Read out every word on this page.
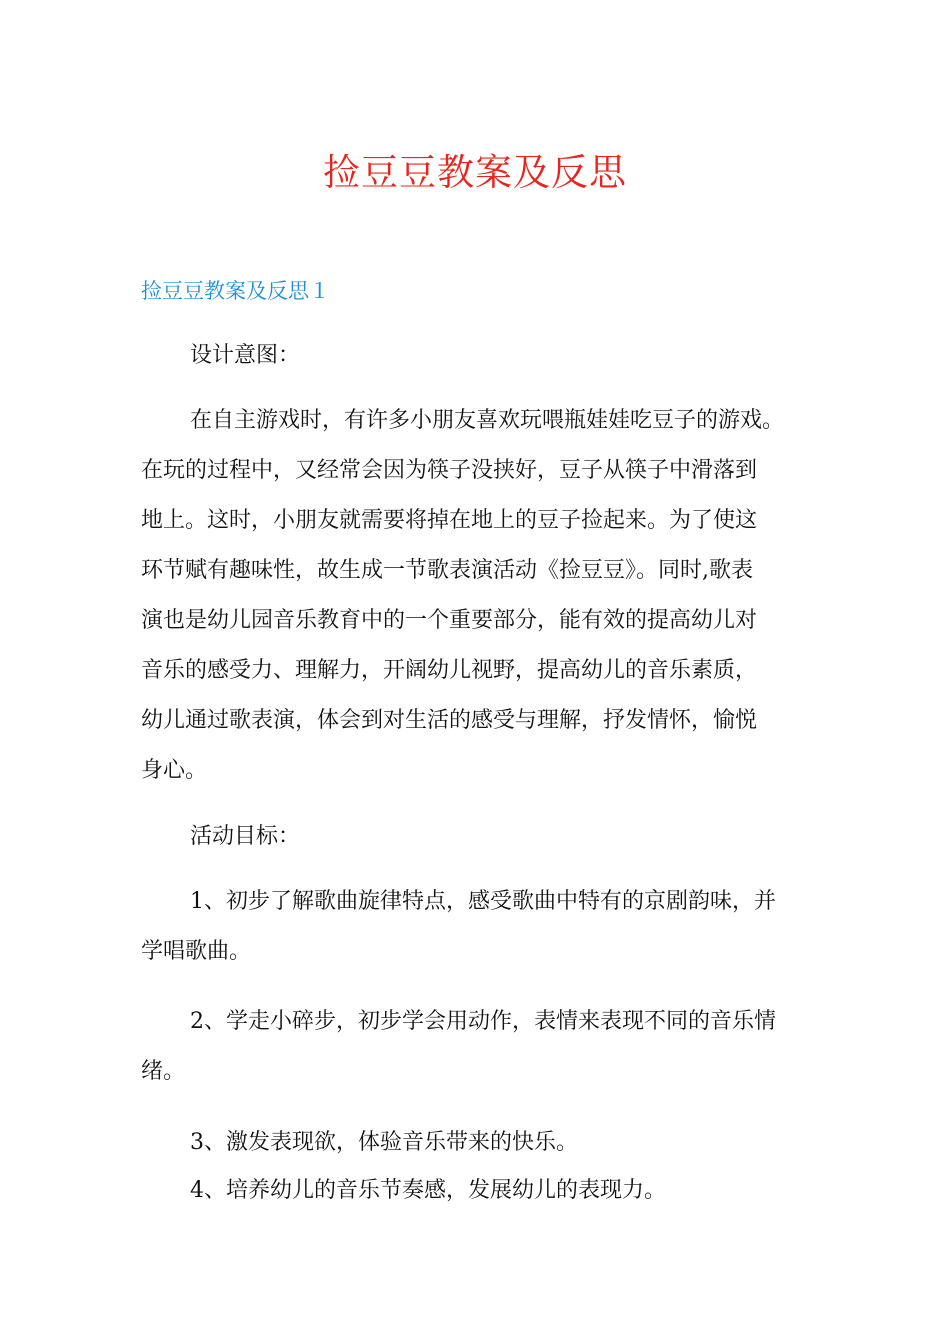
捡豆豆教案及反思
捡豆豆教案及反思１
设计意图：
在自主游戏时，有许多小朋友喜欢玩喂瓶娃娃吃豆子的游戏。
在玩的过程中，又经常会因为筷子没挟好，豆子从筷子中滑落到
地上。这时，小朋友就需要将掉在地上的豆子捡起来。为了使这
环节赋有趣味性，故生成一节歌表演活动《捡豆豆》。同时,歌表
演也是幼儿园音乐教育中的一个重要部分，能有效的提高幼儿对
音乐的感受力、理解力，开阔幼儿视野，提高幼儿的音乐素质，
幼儿通过歌表演，体会到对生活的感受与理解，抒发情怀，愉悦
身心。
活动目标：
1、初步了解歌曲旋律特点，感受歌曲中特有的京剧韵味，并
学唱歌曲。
2、学走小碎步，初步学会用动作，表情来表现不同的音乐情
绪。
3、激发表现欲，体验音乐带来的快乐。
4、培养幼儿的音乐节奏感，发展幼儿的表现力。
